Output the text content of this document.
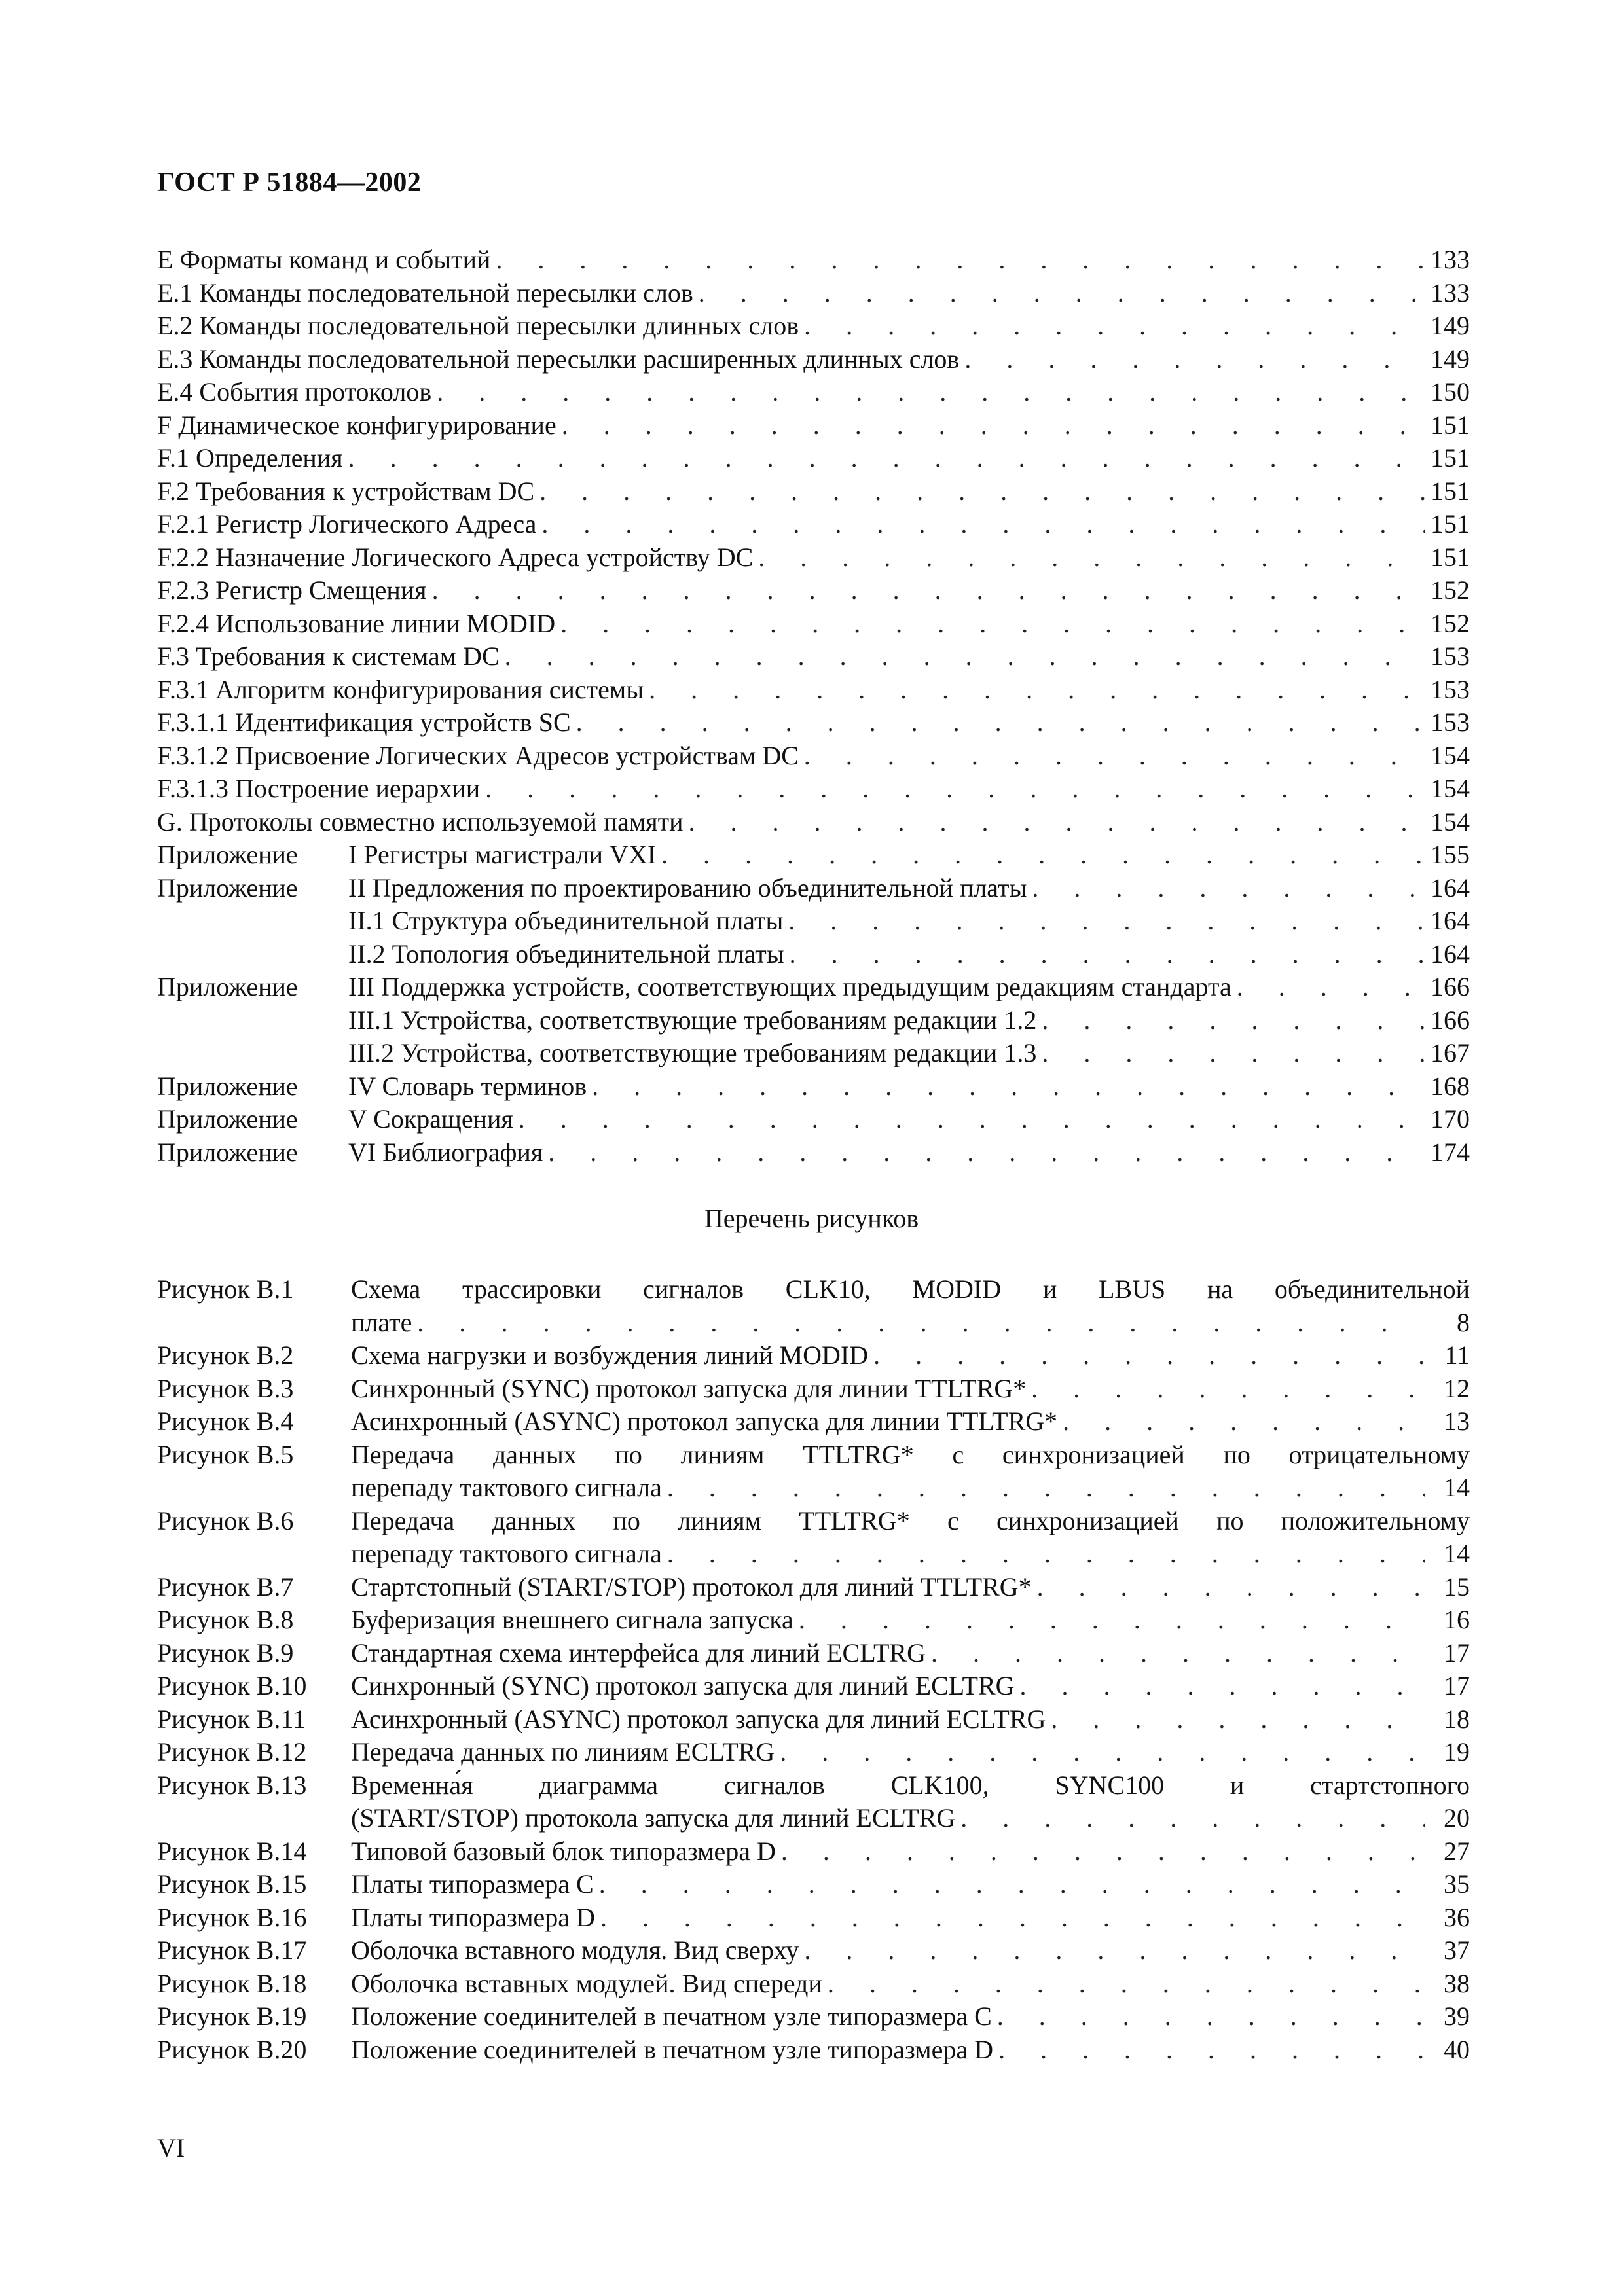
ГОСТ Р 51884—2002
E Форматы команд и событий . . .	133
E.1 Команды последовательной пересылки слов . . .	133
E.2 Команды последовательной пересылки длинных слов . . .	149
E.3 Команды последовательной пересылки расширенных длинных слов . . .	149
E.4 События протоколов . . .	150
F Динамическое конфигурирование . . .	151
F.1 Определения . . .	151
F.2 Требования к устройствам DC . . .	151
F.2.1 Регистр Логического Адреса . . .	151
F.2.2 Назначение Логического Адреса устройству DC . . .	151
F.2.3 Регистр Смещения . . .	152
F.2.4 Использование линии MODID . . .	152
F.3 Требования к системам DC . . .	153
F.3.1 Алгоритм конфигурирования системы . . .	153
F.3.1.1 Идентификация устройств SC . . .	153
F.3.1.2 Присвоение Логических Адресов устройствам DC . . .	154
F.3.1.3 Построение иерархии . . .	154
G. Протоколы совместно используемой памяти . . .	154
Приложение	I Регистры магистрали VXI . . .	155
Приложение	II Предложения по проектированию объединительной платы . . .	164
II.1 Структура объединительной платы . . .	164
II.2 Топология объединительной платы . . .	164
Приложение	III Поддержка устройств, соответствующих предыдущим редакциям стандарта . . .	166
III.1 Устройства, соответствующие требованиям редакции 1.2 . . .	166
III.2 Устройства, соответствующие требованиям редакции 1.3 . . .	167
Приложение	IV Словарь терминов . . .	168
Приложение	V Сокращения . . .	170
Приложение	VI Библиография . . .	174
Перечень рисунков
Рисунок B.1	Схема трассировки сигналов CLK10, MODID и LBUS на объединительной
плате . . .	8
Рисунок B.2	Схема нагрузки и возбуждения линий MODID . . .	11
Рисунок B.3	Синхронный (SYNC) протокол запуска для линии TTLTRG* . . .	12
Рисунок B.4	Асинхронный (ASYNC) протокол запуска для линии TTLTRG* . . .	13
Рисунок B.5	Передача данных по линиям TTLTRG* с синхронизацией по отрицательному
перепаду тактового сигнала . . .	14
Рисунок B.6	Передача данных по линиям TTLTRG* с синхронизацией по положительному
перепаду тактового сигнала . . .	14
Рисунок B.7	Стартстопный (START/STOP) протокол для линий TTLTRG* . . .	15
Рисунок B.8	Буферизация внешнего сигнала запуска . . .	16
Рисунок B.9	Стандартная схема интерфейса для линий ECLTRG . . .	17
Рисунок B.10	Синхронный (SYNC) протокол запуска для линий ECLTRG . . .	17
Рисунок B.11	Асинхронный (ASYNC) протокол запуска для линий ECLTRG . . .	18
Рисунок B.12	Передача данных по линиям ECLTRG . . .	19
Рисунок B.13	Временна́я диаграмма сигналов CLK100, SYNC100 и стартстопного
(START/STOP) протокола запуска для линий ECLTRG . . .	20
Рисунок B.14	Типовой базовый блок типоразмера D . . .	27
Рисунок B.15	Платы типоразмера C . . .	35
Рисунок B.16	Платы типоразмера D . . .	36
Рисунок B.17	Оболочка вставного модуля. Вид сверху . . .	37
Рисунок B.18	Оболочка вставных модулей. Вид спереди . . .	38
Рисунок B.19	Положение соединителей в печатном узле типоразмера C . . .	39
Рисунок B.20	Положение соединителей в печатном узле типоразмера D . . .	40
VI
